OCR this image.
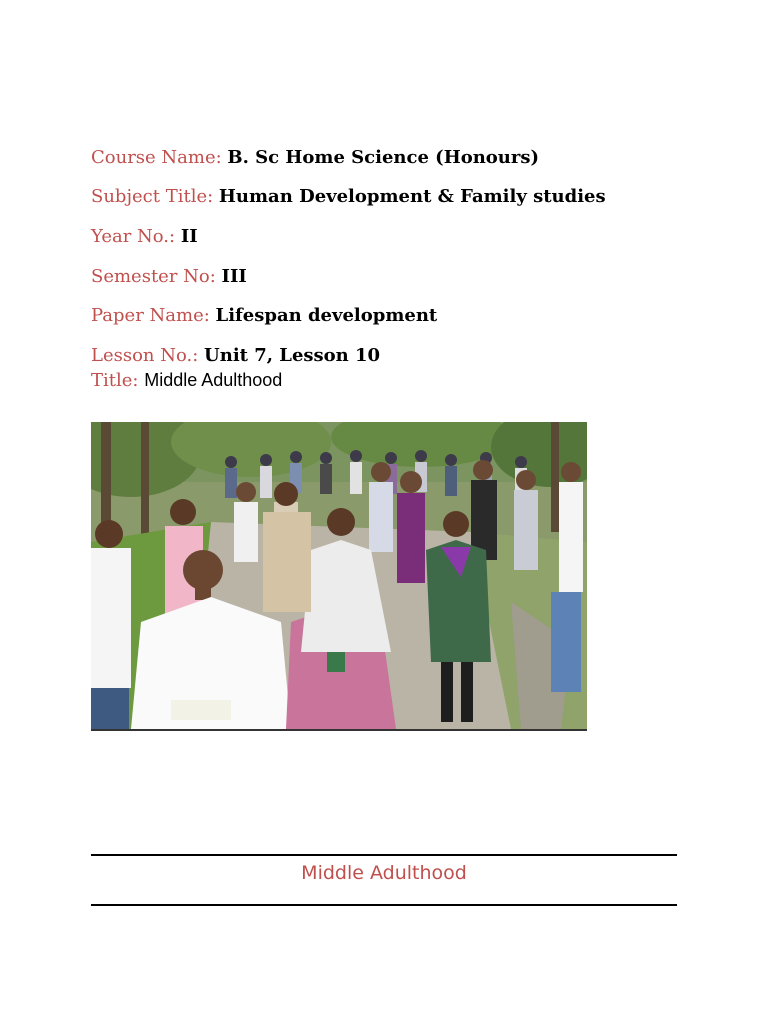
Course Name: B. Sc Home Science (Honours)
Subject Title: Human Development & Family studies
Year No.: II
Semester No: III
Paper Name: Lifespan development
Lesson No.: Unit 7, Lesson 10
Title: Middle Adulthood
Middle Adulthood
